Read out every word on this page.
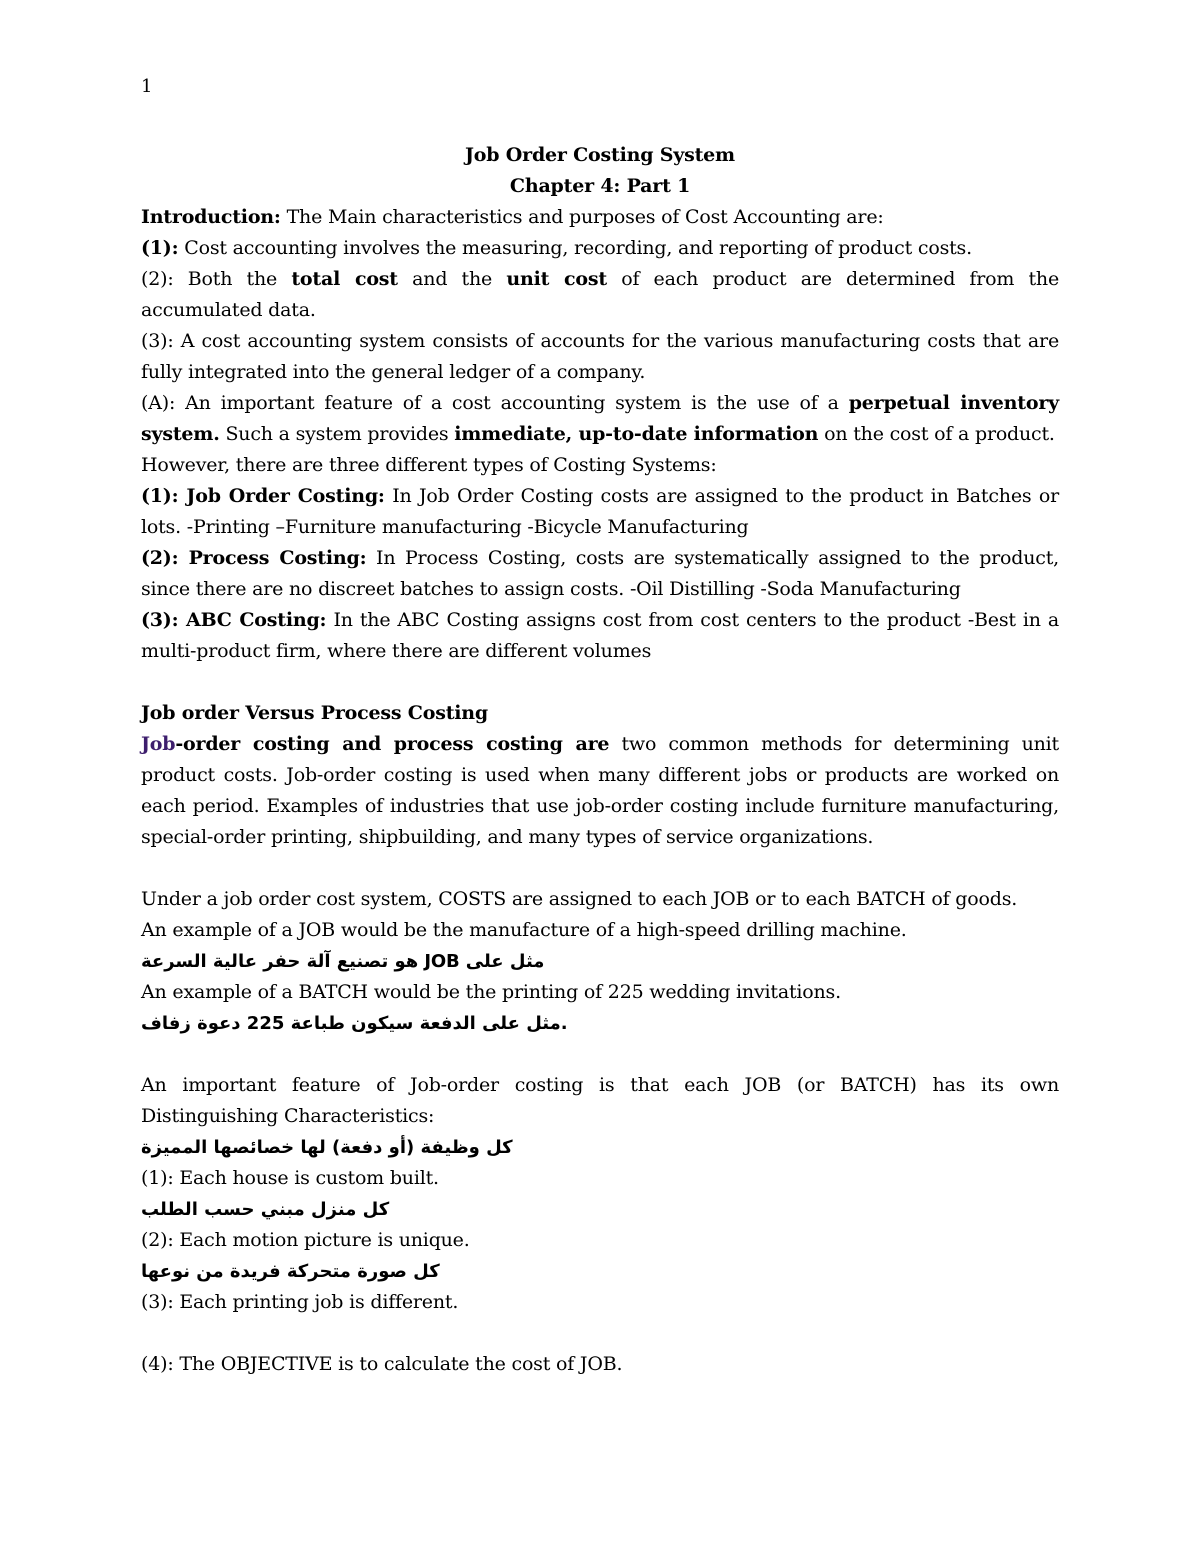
1
Job Order Costing System
Chapter 4: Part 1
Introduction: The Main characteristics and purposes of Cost Accounting are:
(1): Cost accounting involves the measuring, recording, and reporting of product costs.
(2): Both the total cost and the unit cost of each product are determined from the accumulated data.
(3): A cost accounting system consists of accounts for the various manufacturing costs that are fully integrated into the general ledger of a company.
(A): An important feature of a cost accounting system is the use of a perpetual inventory system. Such a system provides immediate, up-to-date information on the cost of a product.
However, there are three different types of Costing Systems:
(1): Job Order Costing: In Job Order Costing costs are assigned to the product in Batches or lots. -Printing –Furniture manufacturing -Bicycle Manufacturing
(2): Process Costing: In Process Costing, costs are systematically assigned to the product, since there are no discreet batches to assign costs. -Oil Distilling -Soda Manufacturing
(3): ABC Costing: In the ABC Costing assigns cost from cost centers to the product -Best in a multi-product firm, where there are different volumes
Job order Versus Process Costing
Job-order costing and process costing are two common methods for determining unit product costs. Job-order costing is used when many different jobs or products are worked on each period. Examples of industries that use job-order costing include furniture manufacturing, special-order printing, shipbuilding, and many types of service organizations.
Under a job order cost system, COSTS are assigned to each JOB or to each BATCH of goods.
An example of a JOB would be the manufacture of a high-speed drilling machine.
مثل على JOB هو تصنيع آلة حفر عالية السرعة
An example of a BATCH would be the printing of 225 wedding invitations.
.مثل على الدفعة سيكون طباعة 225 دعوة زفاف
An important feature of Job-order costing is that each JOB (or BATCH) has its own Distinguishing Characteristics:
كل وظيفة (أو دفعة) لها خصائصها المميزة
(1): Each house is custom built.
كل منزل مبني حسب الطلب
(2): Each motion picture is unique.
كل صورة متحركة فريدة من نوعها
(3): Each printing job is different.
(4): The OBJECTIVE is to calculate the cost of JOB.
